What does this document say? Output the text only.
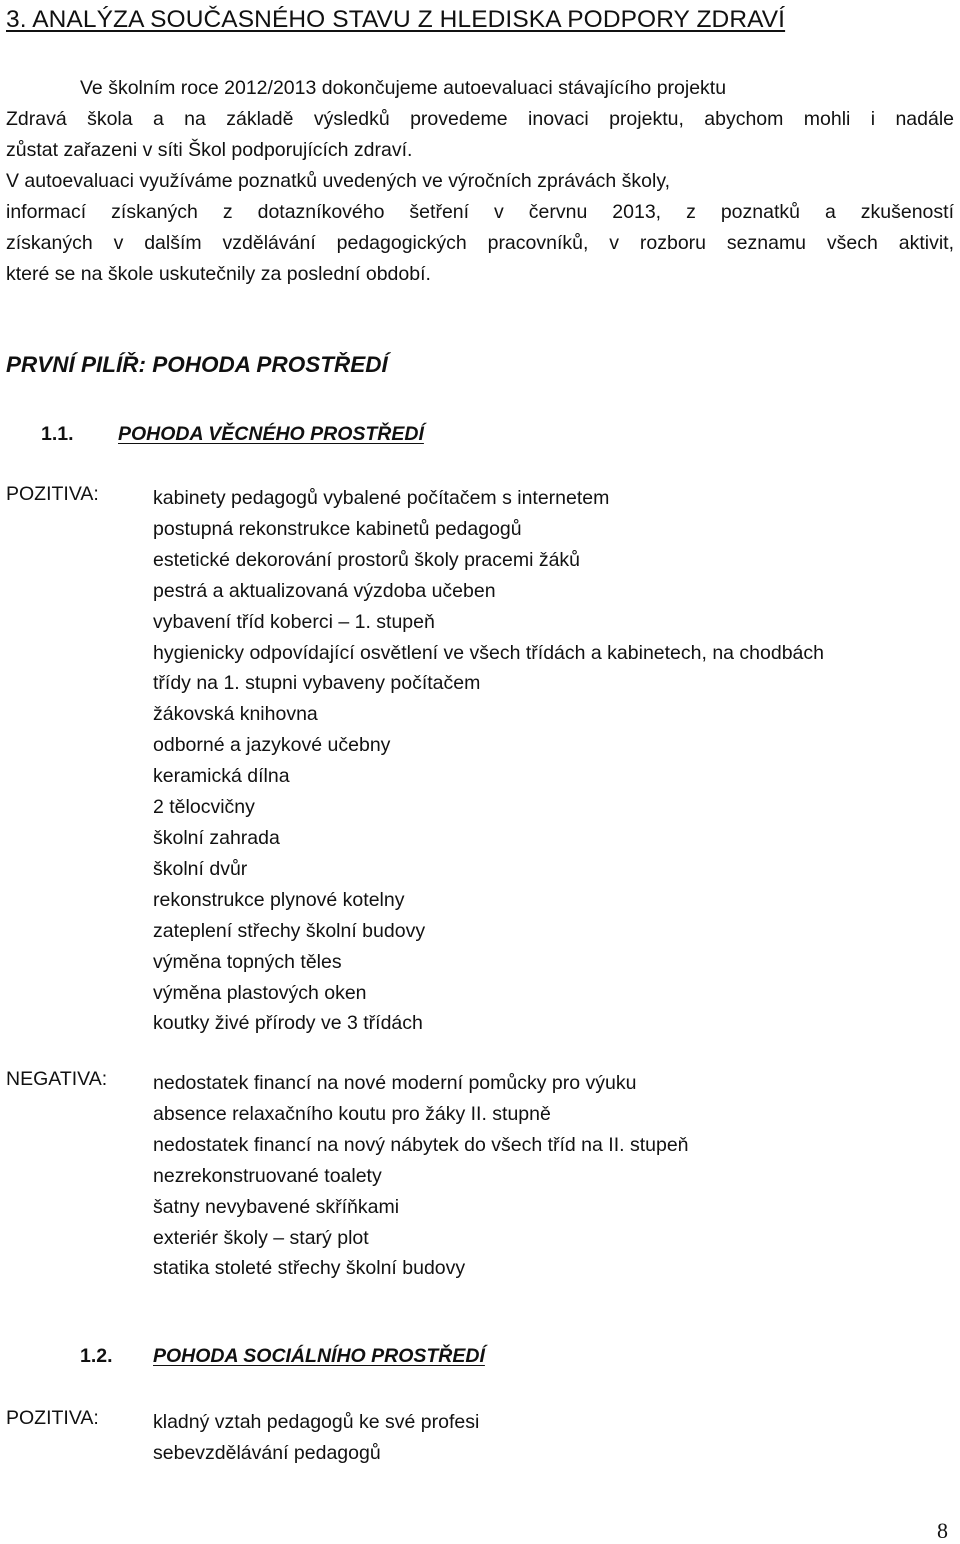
3. ANALÝZA SOUČASNÉHO STAVU Z HLEDISKA PODPORY ZDRAVÍ
Ve školním roce 2012/2013 dokončujeme autoevaluaci stávajícího projektu
Zdravá škola a na základě výsledků provedeme inovaci projektu, abychom mohli i nadále
zůstat zařazeni v síti Škol podporujících zdraví.
V autoevaluaci využíváme poznatků uvedených ve výročních zprávách školy,
informací získaných z dotazníkového šetření v červnu 2013, z poznatků a zkušeností
získaných v dalším vzdělávání pedagogických pracovníků, v rozboru seznamu všech aktivit,
které se na škole uskutečnily za poslední období.
PRVNÍ PILÍŘ: POHODA PROSTŘEDÍ
1.1. POHODA VĚCNÉHO PROSTŘEDÍ
POZITIVA:	kabinety pedagogů vybalené počítačem s internetem
postupná rekonstrukce kabinetů pedagogů
estetické dekorování prostorů školy pracemi žáků
pestrá a aktualizovaná výzdoba učeben
vybavení tříd koberci – 1. stupeň
hygienicky odpovídající osvětlení ve všech třídách a kabinetech, na chodbách
třídy na 1. stupni vybaveny počítačem
žákovská knihovna
odborné a jazykové učebny
keramická dílna
2 tělocvičny
školní zahrada
školní dvůr
rekonstrukce plynové kotelny
zateplení střechy školní budovy
výměna topných těles
výměna plastových oken
koutky živé přírody ve 3 třídách
NEGATIVA: nedostatek financí na nové moderní pomůcky pro výuku
absence relaxačního koutu pro žáky II. stupně
nedostatek financí na nový nábytek do všech tříd na II. stupeň
nezrekonstruované toalety
šatny nevybavené skříňkami
exteriér školy – starý plot
statika stoleté střechy školní budovy
1.2. POHODA SOCIÁLNÍHO PROSTŘEDÍ
POZITIVA:	kladný vztah pedagogů ke své profesi
sebevzdělávání pedagogů
8
